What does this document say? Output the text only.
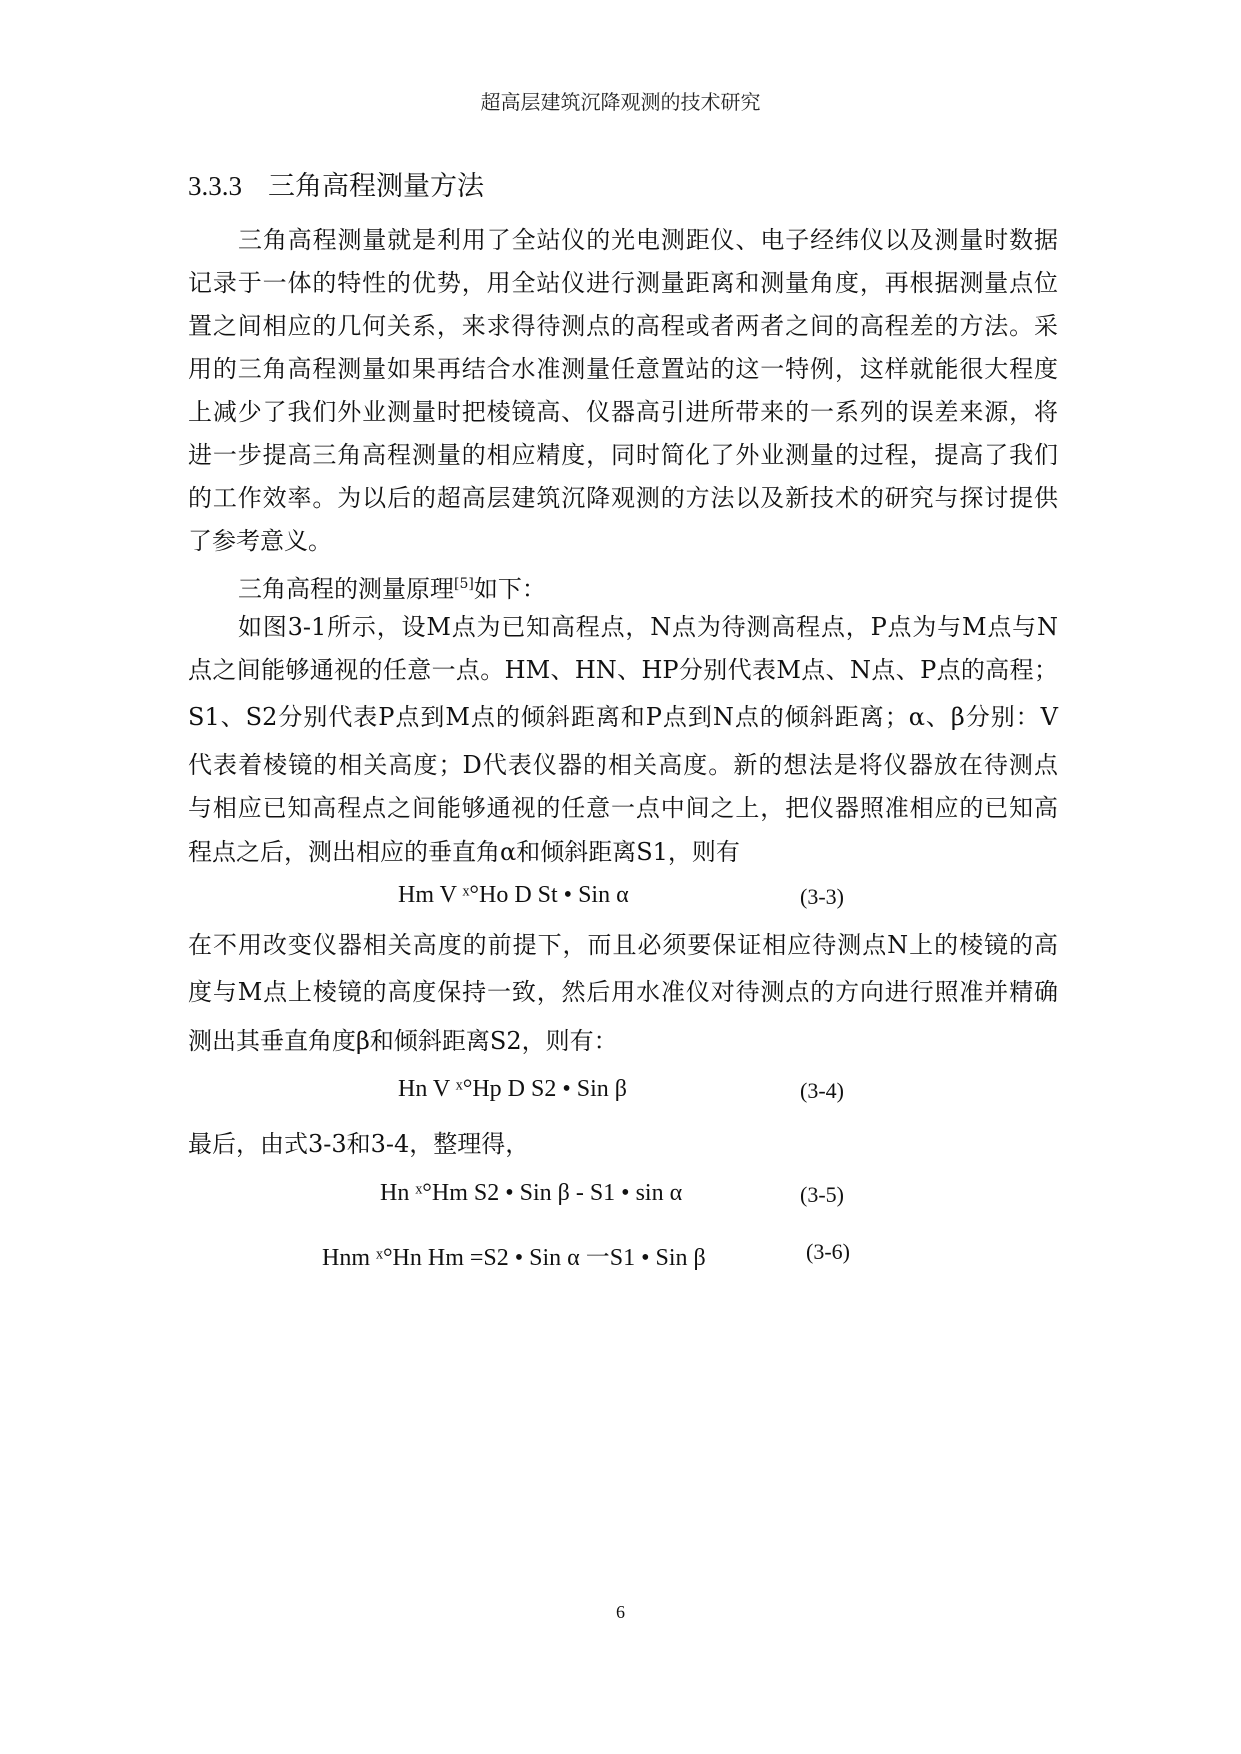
超高层建筑沉降观测的技术研究
3.3.3 三角高程测量方法
三角高程测量就是利用了全站仪的光电测距仪、电子经纬仪以及测量时数据
记录于一体的特性的优势，用全站仪进行测量距离和测量角度，再根据测量点位
置之间相应的几何关系，来求得待测点的高程或者两者之间的高程差的方法。采
用的三角高程测量如果再结合水准测量任意置站的这一特例，这样就能很大程度
上减少了我们外业测量时把棱镜高、仪器高引进所带来的一系列的误差来源，将
进一步提高三角高程测量的相应精度，同时简化了外业测量的过程，提高了我们
的工作效率。为以后的超高层建筑沉降观测的方法以及新技术的研究与探讨提供
了参考意义。
三角高程的测量原理[5]如下：
如图3-1所示，设M点为已知高程点，N点为待测高程点，P点为与M点与N
点之间能够通视的任意一点。HM、HN、HP分别代表M点、N点、P点的高程；
S1、S2分别代表P点到M点的倾斜距离和P点到N点的倾斜距离；α、β分别：V
代表着棱镜的相关高度；D代表仪器的相关高度。新的想法是将仪器放在待测点
与相应已知高程点之间能够通视的任意一点中间之上，把仪器照准相应的已知高
程点之后，测出相应的垂直角α和倾斜距离S1，则有
Hm V ˣ°Ho D St • Sin α	(3-3)
在不用改变仪器相关高度的前提下，而且必须要保证相应待测点N上的棱镜的高
度与M点上棱镜的高度保持一致，然后用水准仪对待测点的方向进行照准并精确
测出其垂直角度β和倾斜距离S2，则有：
Hn V ˣ°Hp D S2 • Sin β	(3-4)
最后，由式3-3和3-4，整理得，
Hn ˣ°Hm S2 • Sin β - S1 • sin α	(3-5)
Hnm ˣ°Hn Hm =S2 • Sin α 一S1 • Sin β	(3-6)
6
